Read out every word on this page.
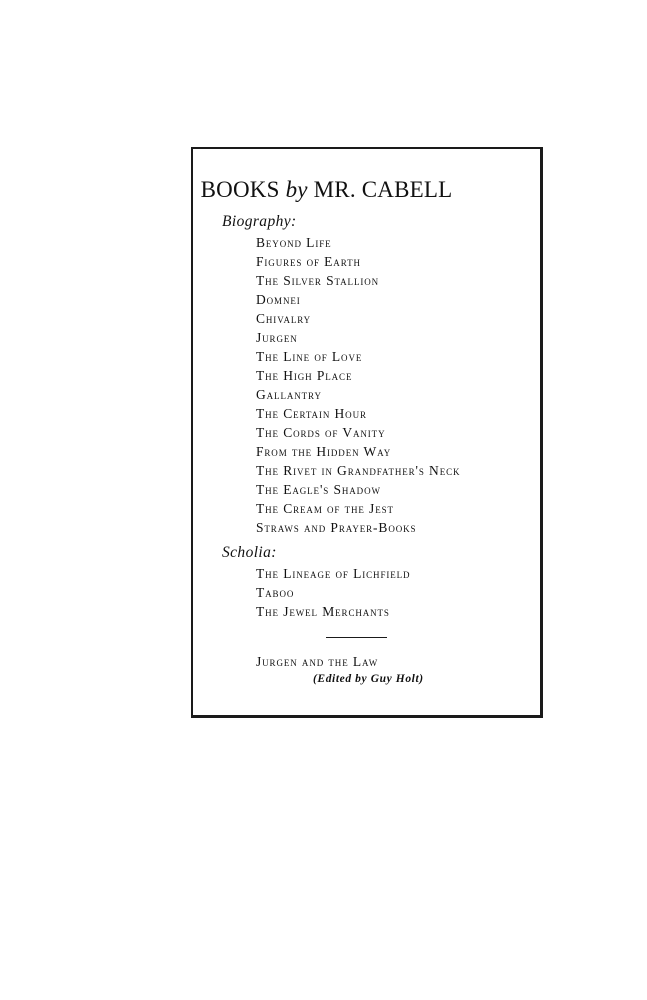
BOOKS by MR. CABELL
Biography:
Beyond Life
Figures of Earth
The Silver Stallion
Domnei
Chivalry
Jurgen
The Line of Love
The High Place
Gallantry
The Certain Hour
The Cords of Vanity
From the Hidden Way
The Rivet in Grandfather's Neck
The Eagle's Shadow
The Cream of the Jest
Straws and Prayer-Books
Scholia:
The Lineage of Lichfield
Taboo
The Jewel Merchants
Jurgen and the Law
(Edited by Guy Holt)
